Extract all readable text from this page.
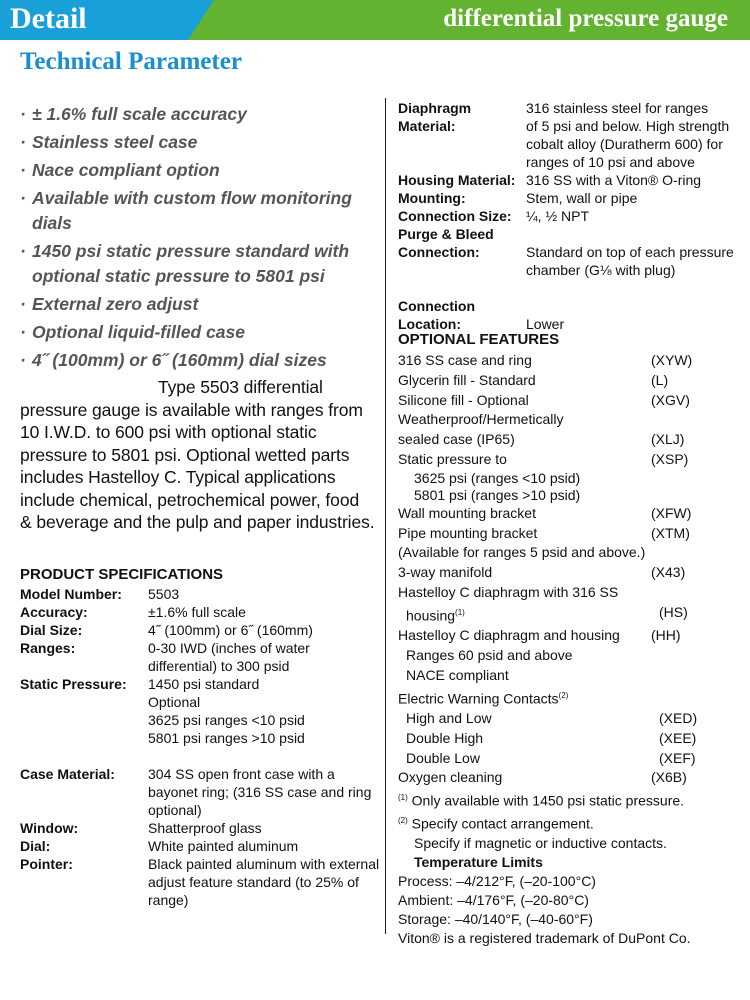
Detail	differential pressure gauge
Technical Parameter
· ± 1.6% full scale accuracy
· Stainless steel case
· Nace compliant option
· Available with custom flow monitoring dials
· 1450 psi static pressure standard with optional static pressure to 5801 psi
· External zero adjust
· Optional liquid-filled case
· 4˝ (100mm) or 6˝ (160mm) dial sizes
Type 5503 differential pressure gauge is available with ranges from 10 I.W.D. to 600 psi with optional static pressure to 5801 psi. Optional wetted parts includes Hastelloy C. Typical applications include chemical, petrochemical power, food & beverage and the pulp and paper industries.
PRODUCT SPECIFICATIONS
Model Number:	5503
Accuracy:	±1.6% full scale
Dial Size:	4˝ (100mm) or 6˝ (160mm)
Ranges:	0-30 IWD (inches of water differential) to 300 psid
Static Pressure:	1450 psi standard
Optional
3625 psi ranges <10 psid
5801 psi ranges >10 psid
Case Material:	304 SS open front case with a bayonet ring; (316 SS case and ring optional)
Window:	Shatterproof glass
Dial:	White painted aluminum
Pointer:	Black painted aluminum with external adjust feature standard (to 25% of range)
Diaphragm	316 stainless steel for ranges
Material:	of 5 psi and below. High strength
cobalt alloy (Duratherm 600) for
ranges of 10 psi and above
Housing Material: 316 SS with a Viton® O-ring
Mounting:	Stem, wall or pipe
Connection Size:	¼, ½ NPT
Purge & Bleed
Connection:	Standard on top of each pressure
chamber (G⅛ with plug)
Connection
Location:	Lower
OPTIONAL FEATURES
316 SS case and ring	(XYW)
Glycerin fill - Standard	(L)
Silicone fill - Optional	(XGV)
Weatherproof/Hermetically
sealed case (IP65)	(XLJ)
Static pressure to	(XSP)
3625 psi (ranges <10 psid)
5801 psi (ranges >10 psid)
Wall mounting bracket	(XFW)
Pipe mounting bracket	(XTM)
(Available for ranges 5 psid and above.)
3-way manifold	(X43)
Hastelloy C diaphragm with 316 SS
housing$^{(1)}$	(HS)
Hastelloy C diaphragm and housing	(HH)
Ranges 60 psid and above
NACE compliant
Electric Warning Contacts$^{(2)}$
High and Low	(XED)
Double High	(XEE)
Double Low	(XEF)
Oxygen cleaning	(X6B)
$^{(1)}$ Only available with 1450 psi static pressure.
$^{(2)}$ Specify contact arrangement.
Specify if magnetic or inductive contacts.
Temperature Limits
Process: –4/212°F, (–20-100°C)
Ambient: –4/176°F, (–20-80°C)
Storage: –40/140°F, (–40-60°F)
Viton® is a registered trademark of DuPont Co.
